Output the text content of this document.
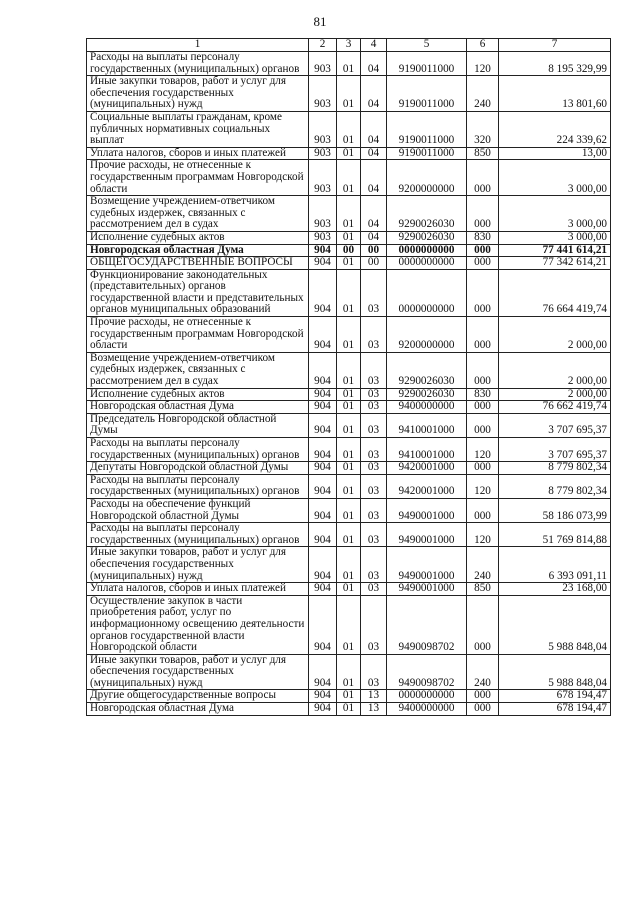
81
1	2	3	4	5	6	7
Расходы на выплаты персоналу государственных (муниципальных) органов	903	01	04	9190011000	120	8 195 329,99
Иные закупки товаров, работ и услуг для обеспечения государственных (муниципальных) нужд	903	01	04	9190011000	240	13 801,60
Социальные выплаты гражданам, кроме публичных нормативных социальных выплат	903	01	04	9190011000	320	224 339,62
Уплата налогов, сборов и иных платежей	903	01	04	9190011000	850	13,00
Прочие расходы, не отнесенные к государственным программам Новгородской области	903	01	04	9200000000	000	3 000,00
Возмещение учреждением-ответчиком судебных издержек, связанных с рассмотрением дел в судах	903	01	04	9290026030	000	3 000,00
Исполнение судебных актов	903	01	04	9290026030	830	3 000,00
Новгородская областная Дума	904	00	00	0000000000	000	77 441 614,21
ОБЩЕГОСУДАРСТВЕННЫЕ ВОПРОСЫ	904	01	00	0000000000	000	77 342 614,21
Функционирование законодательных (представительных) органов государственной власти и представительных органов муниципальных образований	904	01	03	0000000000	000	76 664 419,74
Прочие расходы, не отнесенные к государственным программам Новгородской области	904	01	03	9200000000	000	2 000,00
Возмещение учреждением-ответчиком судебных издержек, связанных с рассмотрением дел в судах	904	01	03	9290026030	000	2 000,00
Исполнение судебных актов	904	01	03	9290026030	830	2 000,00
Новгородская областная Дума	904	01	03	9400000000	000	76 662 419,74
Председатель Новгородской областной Думы	904	01	03	9410001000	000	3 707 695,37
Расходы на выплаты персоналу государственных (муниципальных) органов	904	01	03	9410001000	120	3 707 695,37
Депутаты Новгородской областной Думы	904	01	03	9420001000	000	8 779 802,34
Расходы на выплаты персоналу государственных (муниципальных) органов	904	01	03	9420001000	120	8 779 802,34
Расходы на обеспечение функций Новгородской областной Думы	904	01	03	9490001000	000	58 186 073,99
Расходы на выплаты персоналу государственных (муниципальных) органов	904	01	03	9490001000	120	51 769 814,88
Иные закупки товаров, работ и услуг для обеспечения государственных (муниципальных) нужд	904	01	03	9490001000	240	6 393 091,11
Уплата налогов, сборов и иных платежей	904	01	03	9490001000	850	23 168,00
Осуществление закупок в части приобретения работ, услуг по информационному освещению деятельности органов государственной власти Новгородской области	904	01	03	9490098702	000	5 988 848,04
Иные закупки товаров, работ и услуг для обеспечения государственных (муниципальных) нужд	904	01	03	9490098702	240	5 988 848,04
Другие общегосударственные вопросы	904	01	13	0000000000	000	678 194,47
Новгородская областная Дума	904	01	13	9400000000	000	678 194,47
